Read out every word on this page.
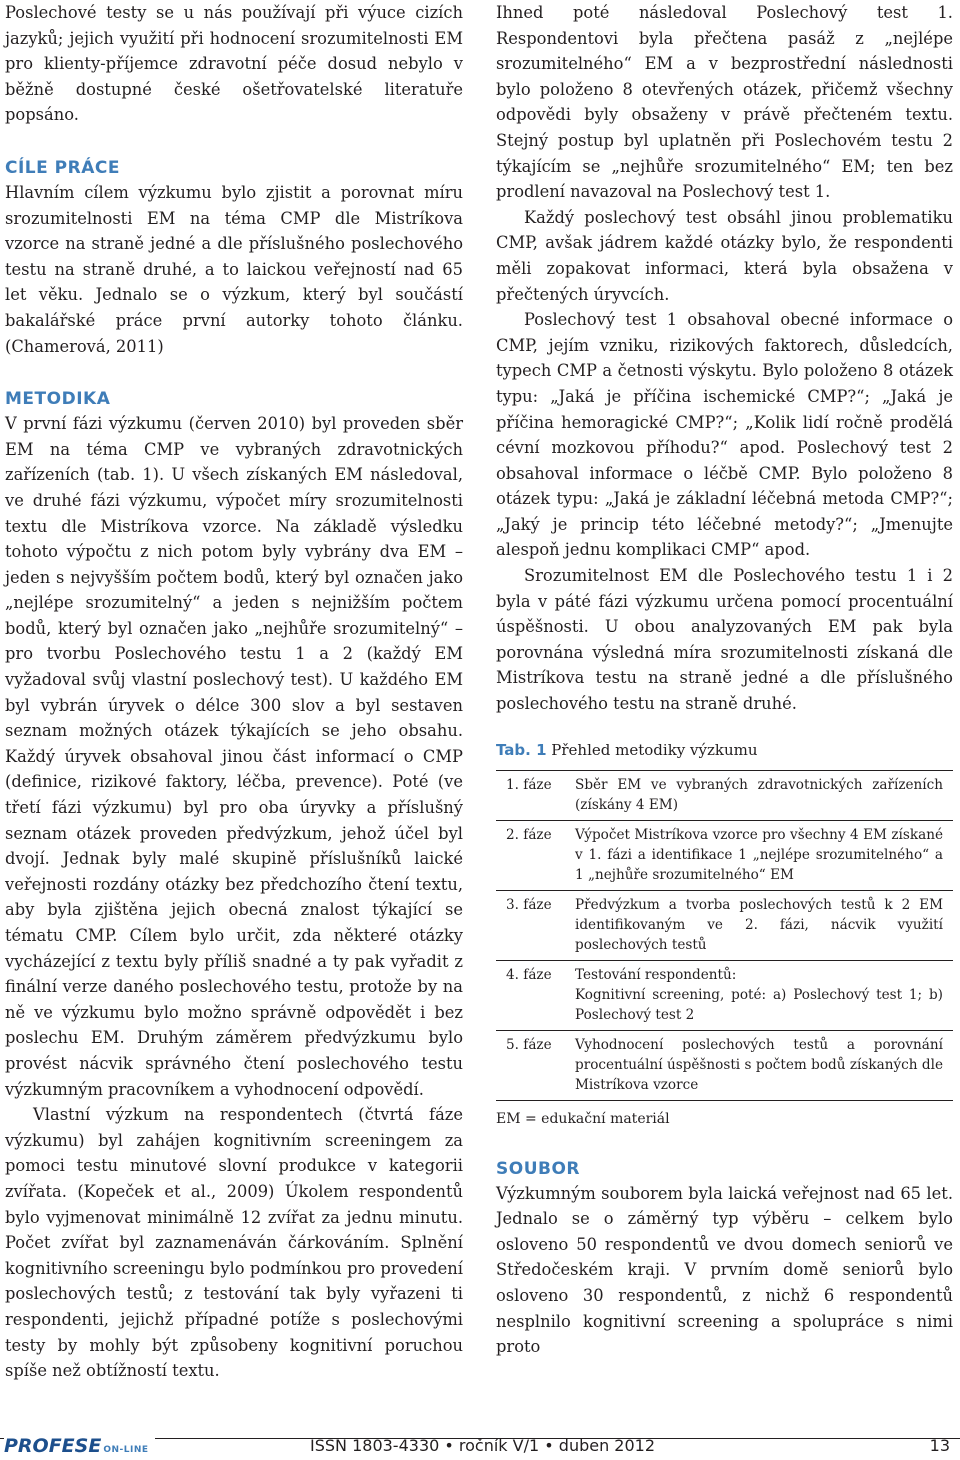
Poslechové testy se u nás používají při výuce cizích jazyků; jejich využití při hodnocení srozumitelnosti EM pro klienty-příjemce zdravotní péče dosud nebylo v běžně dostupné české ošetřovatelské literatuře popsáno.

CÍLE PRÁCE

Hlavním cílem výzkumu bylo zjistit a porovnat míru srozumitelnosti EM na téma CMP dle Mistríkova vzorce na straně jedné a dle příslušného poslechového testu na straně druhé, a to laickou veřejností nad 65 let věku. Jednalo se o výzkum, který byl součástí bakalářské práce první autorky tohoto článku. (Chamerová, 2011)

METODIKA

V první fázi výzkumu (červen 2010) byl proveden sběr EM na téma CMP ve vybraných zdravotnických zařízeních (tab. 1). U všech získaných EM následoval, ve druhé fázi výzkumu, výpočet míry srozumitelnosti textu dle Mistríkova vzorce. Na základě výsledku tohoto výpočtu z nich potom byly vybrány dva EM – jeden s nejvyšším počtem bodů, který byl označen jako „nejlépe srozumitelný“ a jeden s nejnižším počtem bodů, který byl označen jako „nejhůře srozumitelný“ – pro tvorbu Poslechového testu 1 a 2 (každý EM vyžadoval svůj vlastní poslechový test). U každého EM byl vybrán úryvek o délce 300 slov a byl sestaven seznam možných otázek týkajících se jeho obsahu. Každý úryvek obsahoval jinou část informací o CMP (definice, rizikové faktory, léčba, prevence). Poté (ve třetí fázi výzkumu) byl pro oba úryvky a příslušný seznam otázek proveden předvýzkum, jehož účel byl dvojí. Jednak byly malé skupině příslušníků laické veřejnosti rozdány otázky bez předchozího čtení textu, aby byla zjištěna jejich obecná znalost týkající se tématu CMP. Cílem bylo určit, zda některé otázky vycházející z textu byly příliš snadné a ty pak vyřadit z finální verze daného poslechového testu, protože by na ně ve výzkumu bylo možno správně odpovědět i bez poslechu EM. Druhým záměrem předvýzkumu bylo provést nácvik správného čtení poslechového testu výzkumným pracovníkem a vyhodnocení odpovědí.

Vlastní výzkum na respondentech (čtvrtá fáze výzkumu) byl zahájen kognitivním screeningem za pomoci testu minutové slovní produkce v kategorii zvířata. (Kopeček et al., 2009) Úkolem respondentů bylo vyjmenovat minimálně 12 zvířat za jednu minutu. Počet zvířat byl zaznamenáván čárkováním. Splnění kognitivního screeningu bylo podmínkou pro provedení poslechových testů; z testování tak byly vyřazeni ti respondenti, jejichž případné potíže s poslechovými testy by mohly být způsobeny kognitivní poruchou spíše než obtížností textu.

Ihned poté následoval Poslechový test 1. Respondentovi byla přečtena pasáž z „nejlépe srozumitelného“ EM a v bezprostřední následnosti bylo položeno 8 otevřených otázek, přičemž všechny odpovědi byly obsaženy v právě přečteném textu. Stejný postup byl uplatněn při Poslechovém testu 2 týkajícím se „nejhůře srozumitelného“ EM; ten bez prodlení navazoval na Poslechový test 1.

Každý poslechový test obsáhl jinou problematiku CMP, avšak jádrem každé otázky bylo, že respondenti měli zopakovat informaci, která byla obsažena v přečtených úryvcích.

Poslechový test 1 obsahoval obecné informace o CMP, jejím vzniku, rizikových faktorech, důsledcích, typech CMP a četnosti výskytu. Bylo položeno 8 otázek typu: „Jaká je příčina ischemické CMP?“; „Jaká je příčina hemoragické CMP?“; „Kolik lidí ročně prodělá cévní mozkovou příhodu?“ apod. Poslechový test 2 obsahoval informace o léčbě CMP. Bylo položeno 8 otázek typu: „Jaká je základní léčebná metoda CMP?“; „Jaký je princip této léčebné metody?“; „Jmenujte alespoň jednu komplikaci CMP“ apod.

Srozumitelnost EM dle Poslechového testu 1 i 2 byla v páté fázi výzkumu určena pomocí procentuální úspěšnosti. U obou analyzovaných EM pak byla porovnána výsledná míra srozumitelnosti získaná dle Mistríkova testu na straně jedné a dle příslušného poslechového testu na straně druhé.

Tab. 1 Přehled metodiky výzkumu
1. fáze	Sběr EM ve vybraných zdravotnických zařízeních (získány 4 EM)
2. fáze	Výpočet Mistríkova vzorce pro všechny 4 EM získané v 1. fázi a identifikace 1 „nejlépe srozumitelného“ a 1 „nejhůře srozumitelného“ EM
3. fáze	Předvýzkum a tvorba poslechových testů k 2 EM identifikovaným ve 2. fázi, nácvik využití poslechových testů
4. fáze	Testování respondentů:
Kognitivní screening, poté: a) Poslechový test 1; b) Poslechový test 2
5. fáze	Vyhodnocení poslechových testů a porovnání procentuální úspěšnosti s počtem bodů získaných dle Mistríkova vzorce
EM = edukační materiál
SOUBOR

Výzkumným souborem byla laická veřejnost nad 65 let. Jednalo se o záměrný typ výběru – celkem bylo osloveno 50 respondentů ve dvou domech seniorů ve Středočeském kraji. V prvním domě seniorů bylo osloveno 30 respondentů, z nichž 6 respondentů nesplnilo kognitivní screening a spolupráce s nimi proto

PROFESE ON-LINE	ISSN 1803-4330 • ročník V/1 • duben 2012	13
